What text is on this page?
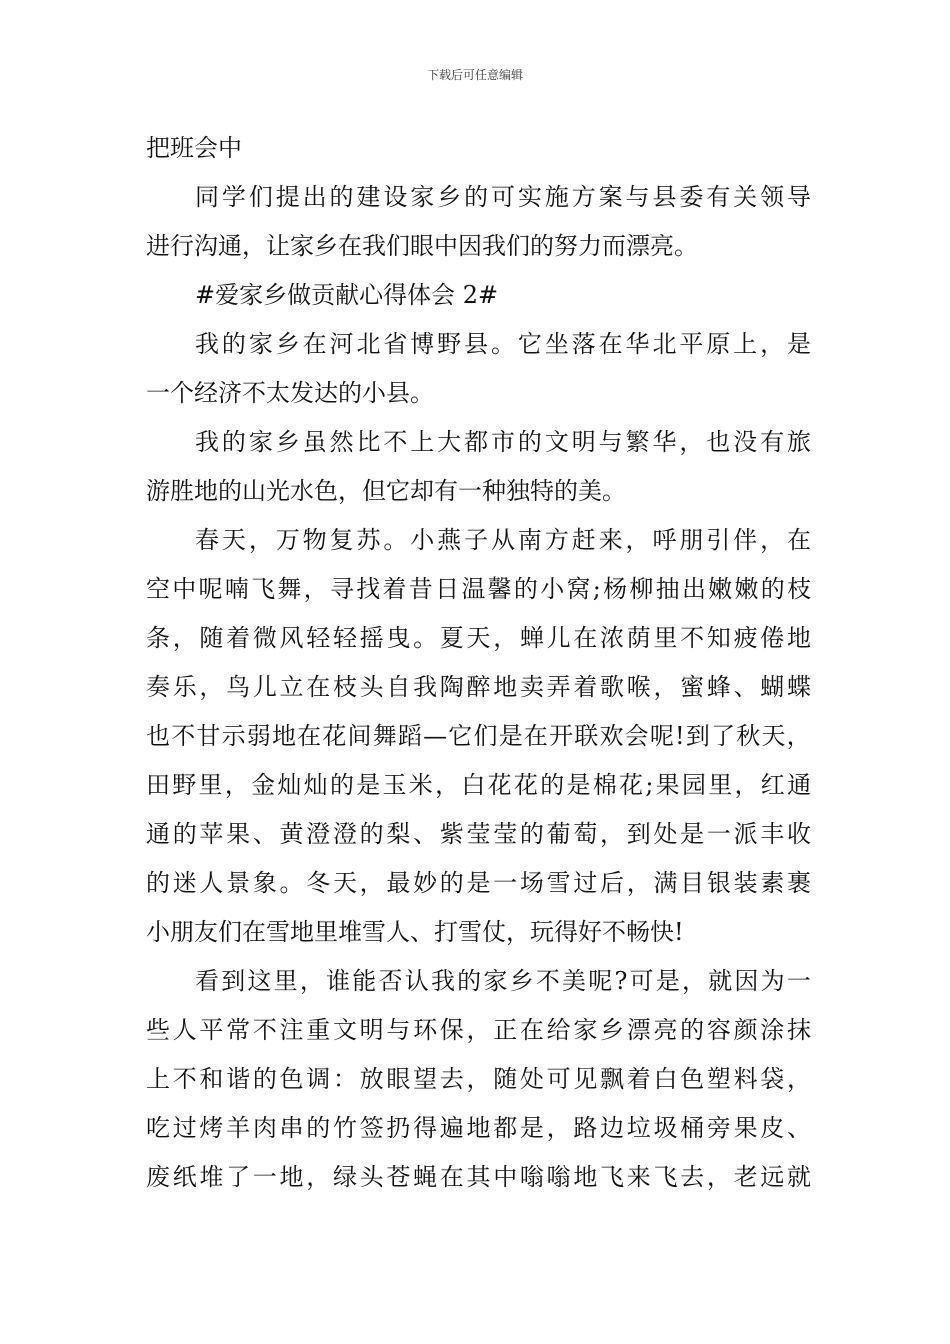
下载后可任意编辑
把班会中
同学们提出的建设家乡的可实施方案与县委有关领导
进行沟通，让家乡在我们眼中因我们的努力而漂亮。
#爱家乡做贡献心得体会 2#
我的家乡在河北省博野县。它坐落在华北平原上，是
一个经济不太发达的小县。
我的家乡虽然比不上大都市的文明与繁华，也没有旅
游胜地的山光水色，但它却有一种独特的美。
春天，万物复苏。小燕子从南方赶来，呼朋引伴，在
空中呢喃飞舞，寻找着昔日温馨的小窝;杨柳抽出嫩嫩的枝
条，随着微风轻轻摇曳。夏天，蝉儿在浓荫里不知疲倦地
奏乐，鸟儿立在枝头自我陶醉地卖弄着歌喉，蜜蜂、蝴蝶
也不甘示弱地在花间舞蹈—它们是在开联欢会呢!到了秋天，
田野里，金灿灿的是玉米，白花花的是棉花;果园里，红通
通的苹果、黄澄澄的梨、紫莹莹的葡萄，到处是一派丰收
的迷人景象。冬天，最妙的是一场雪过后，满目银装素裹
小朋友们在雪地里堆雪人、打雪仗，玩得好不畅快!
看到这里，谁能否认我的家乡不美呢?可是，就因为一
些人平常不注重文明与环保，正在给家乡漂亮的容颜涂抹
上不和谐的色调：放眼望去，随处可见飘着白色塑料袋，
吃过烤羊肉串的竹签扔得遍地都是，路边垃圾桶旁果皮、
废纸堆了一地，绿头苍蝇在其中嗡嗡地飞来飞去，老远就
